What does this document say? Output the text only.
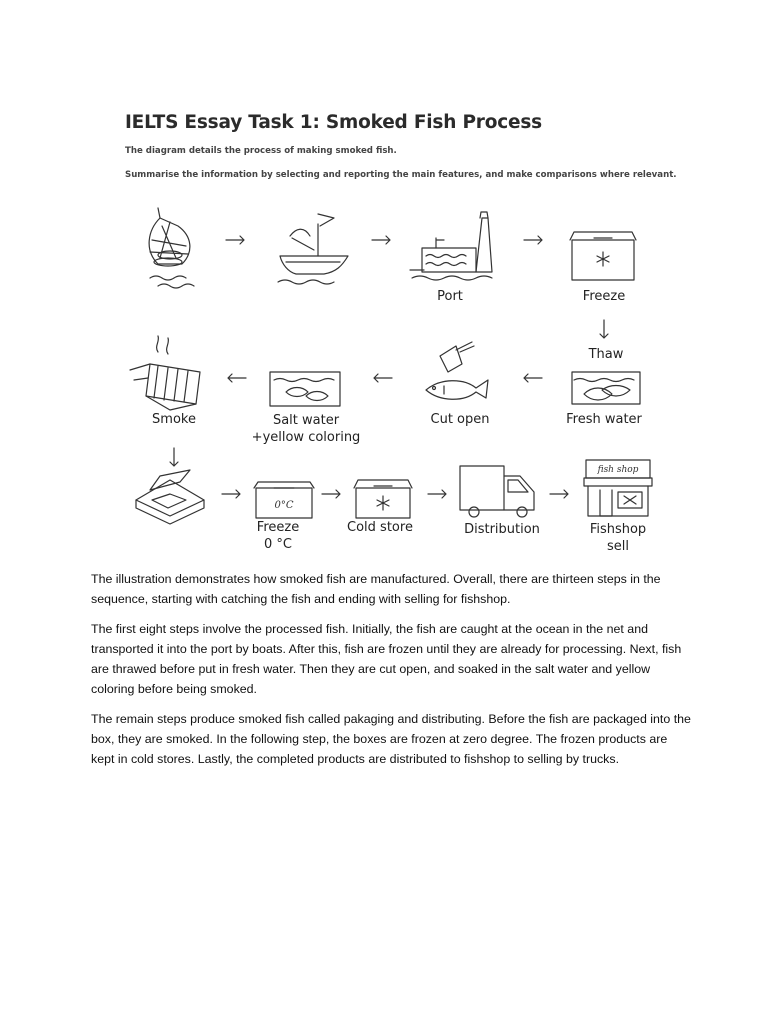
IELTS Essay Task 1: Smoked Fish Process
The diagram details the process of making smoked fish.
Summarise the information by selecting and reporting the main features, and make comparisons where relevant.
Port	Freeze
Thaw
Fresh water
Cut open
Salt water
+yellow coloring
Smoke
0°C
Freeze
0 °C
Cold store	Distribution
fish shop
Fishshop
sell

The illustration demonstrates how smoked fish are manufactured. Overall, there are thirteen steps in the sequence, starting with catching the fish and ending with selling for fishshop.

The first eight steps involve the processed fish. Initially, the fish are caught at the ocean in the net and transported it into the port by boats. After this, fish are frozen until they are already for processing. Next, fish are thrawed before put in fresh water. Then they are cut open, and soaked in the salt water and yellow coloring before being smoked.

The remain steps produce smoked fish called pakaging and distributing. Before the fish are packaged into the box, they are smoked. In the following step, the boxes are frozen at zero degree. The frozen products are kept in cold stores. Lastly, the completed products are distributed to fishshop to selling by trucks.
